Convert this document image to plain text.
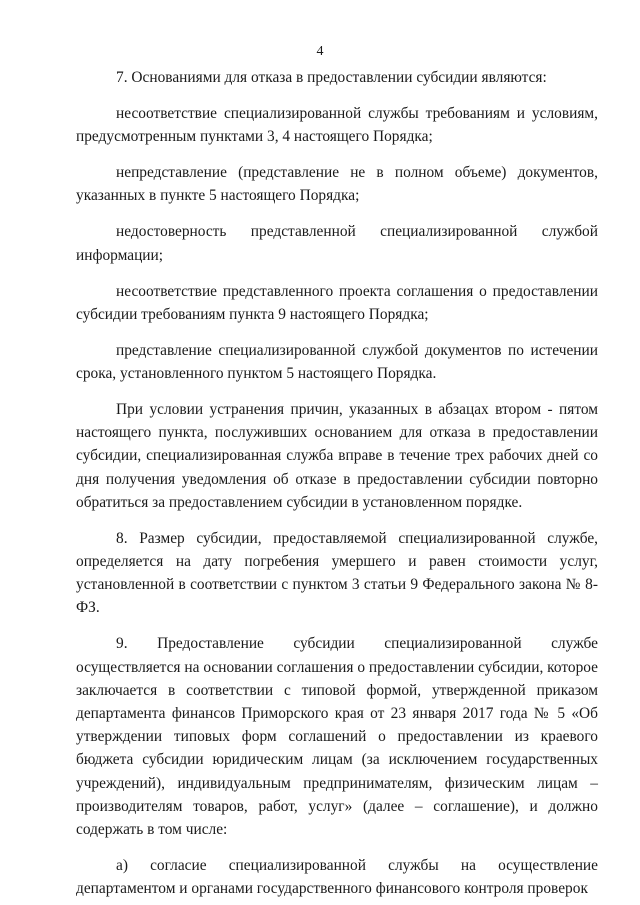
4

7. Основаниями для отказа в предоставлении субсидии являются:

несоответствие специализированной службы требованиям и условиям, предусмотренным пунктами 3, 4 настоящего Порядка;

непредставление (представление не в полном объеме) документов, указанных в пункте 5 настоящего Порядка;

недостоверность представленной специализированной службой информации;

несоответствие представленного проекта соглашения о предоставлении субсидии требованиям пункта 9 настоящего Порядка;

представление специализированной службой документов по истечении срока, установленного пунктом 5 настоящего Порядка.

При условии устранения причин, указанных в абзацах втором - пятом настоящего пункта, послуживших основанием для отказа в предоставлении субсидии, специализированная служба вправе в течение трех рабочих дней со дня получения уведомления об отказе в предоставлении субсидии повторно обратиться за предоставлением субсидии в установленном порядке.

8. Размер субсидии, предоставляемой специализированной службе, определяется на дату погребения умершего и равен стоимости услуг, установленной в соответствии с пунктом 3 статьи 9 Федерального закона № 8-ФЗ.

9. Предоставление субсидии специализированной службе осуществляется на основании соглашения о предоставлении субсидии, которое заключается в соответствии с типовой формой, утвержденной приказом департамента финансов Приморского края от 23 января 2017 года № 5 «Об утверждении типовых форм соглашений о предоставлении из краевого бюджета субсидии юридическим лицам (за исключением государственных учреждений), индивидуальным предпринимателям, физическим лицам – производителям товаров, работ, услуг» (далее – соглашение), и должно содержать в том числе:

а) согласие специализированной службы на осуществление департаментом и органами государственного финансового контроля проверок
